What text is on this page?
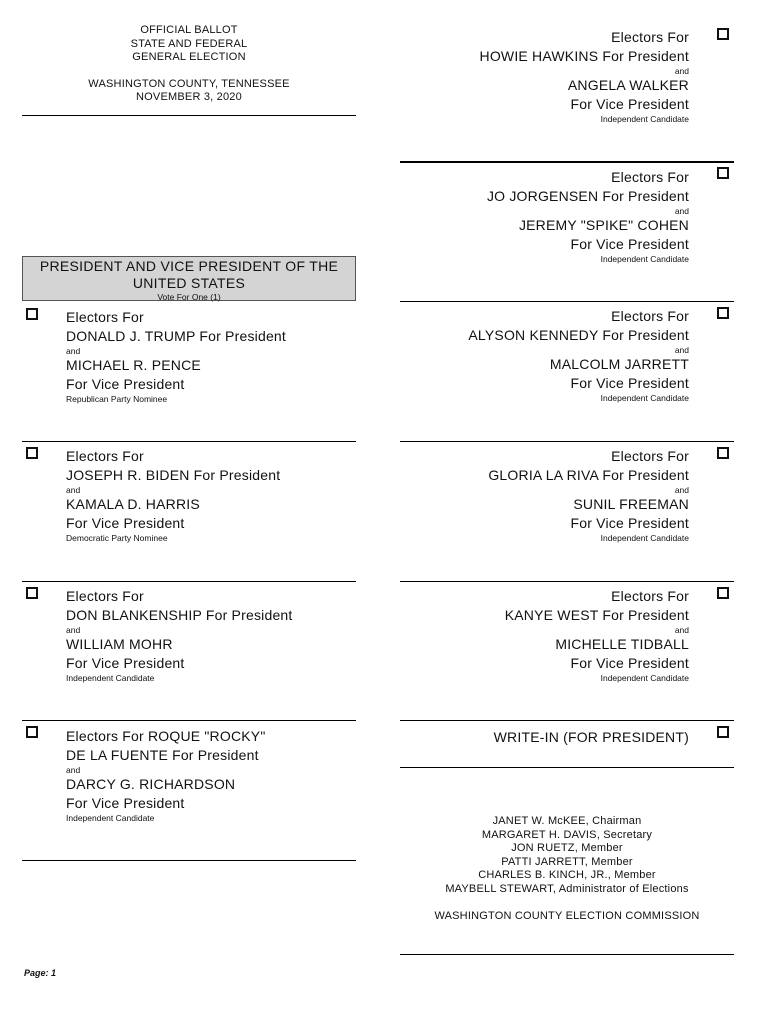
OFFICIAL BALLOT
STATE AND FEDERAL
GENERAL ELECTION
WASHINGTON COUNTY, TENNESSEE
NOVEMBER 3, 2020
PRESIDENT AND VICE PRESIDENT OF THE UNITED STATES
Vote For One (1)
Electors For
DONALD J. TRUMP For President
and
MICHAEL R. PENCE
For Vice President
Republican Party Nominee
Electors For
JOSEPH R. BIDEN For President
and
KAMALA D. HARRIS
For Vice President
Democratic Party Nominee
Electors For
DON BLANKENSHIP For President
and
WILLIAM MOHR
For Vice President
Independent Candidate
Electors For ROQUE "ROCKY"
DE LA FUENTE For President
and
DARCY G. RICHARDSON
For Vice President
Independent Candidate
Electors For
HOWIE HAWKINS For President
and
ANGELA WALKER
For Vice President
Independent Candidate
Electors For
JO JORGENSEN For President
and
JEREMY "SPIKE" COHEN
For Vice President
Independent Candidate
Electors For
ALYSON KENNEDY For President
and
MALCOLM JARRETT
For Vice President
Independent Candidate
Electors For
GLORIA LA RIVA For President
and
SUNIL FREEMAN
For Vice President
Independent Candidate
Electors For
KANYE WEST For President
and
MICHELLE TIDBALL
For Vice President
Independent Candidate
WRITE-IN (FOR PRESIDENT)
JANET W. McKEE, Chairman
MARGARET H. DAVIS, Secretary
JON RUETZ, Member
PATTI JARRETT, Member
CHARLES B. KINCH, JR., Member
MAYBELL STEWART, Administrator of Elections
WASHINGTON COUNTY ELECTION COMMISSION
Page: 1
